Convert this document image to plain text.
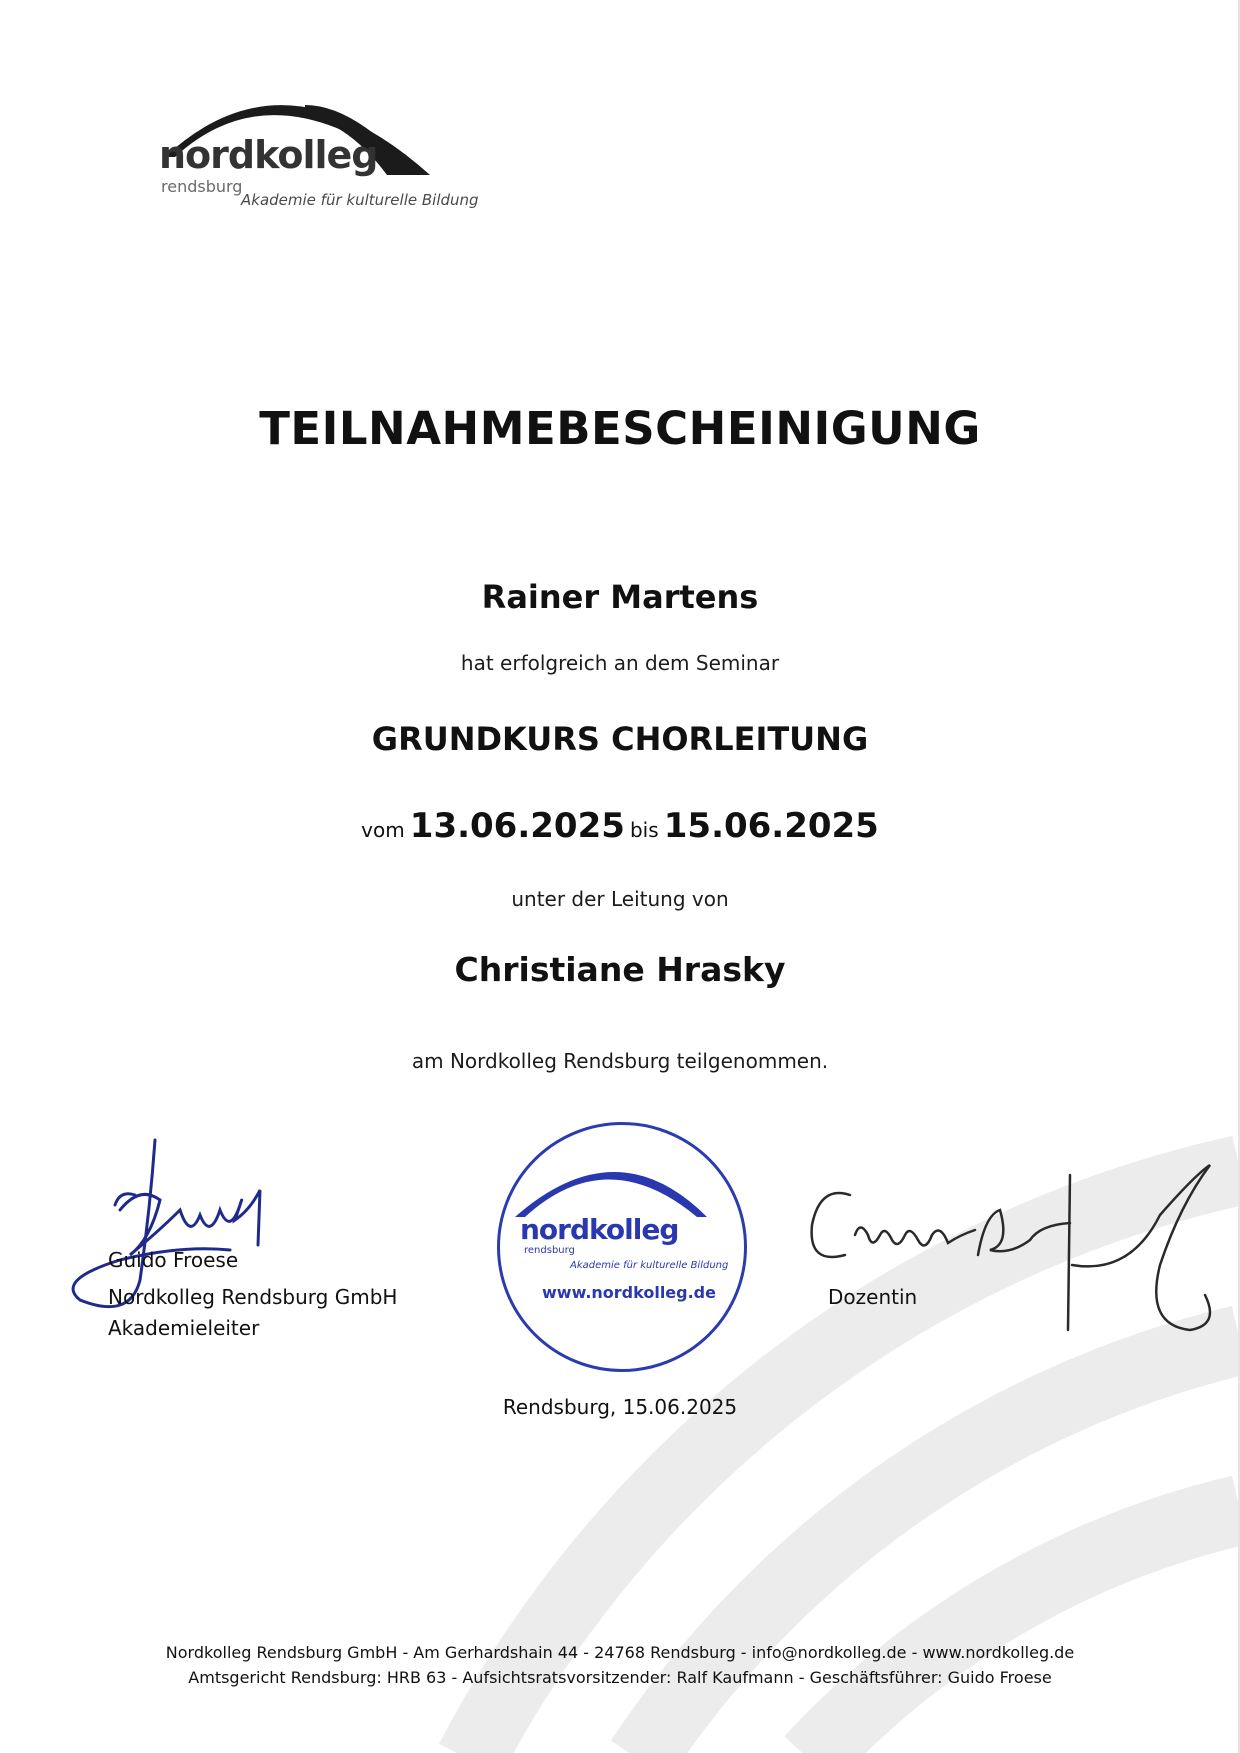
nordkolleg
rendsburg
Akademie für kulturelle Bildung
TEILNAHMEBESCHEINIGUNG
Rainer Martens
hat erfolgreich an dem Seminar
GRUNDKURS CHORLEITUNG
vom 13.06.2025 bis 15.06.2025
unter der Leitung von
Christiane Hrasky
am Nordkolleg Rendsburg teilgenommen.
Guido Froese
Nordkolleg Rendsburg GmbH
Akademieleiter
nordkolleg
rendsburg
Akademie für kulturelle Bildung
www.nordkolleg.de	Dozentin
Rendsburg, 15.06.2025
Nordkolleg Rendsburg GmbH - Am Gerhardshain 44 - 24768 Rendsburg - info@nordkolleg.de - www.nordkolleg.de
Amtsgericht Rendsburg: HRB 63 - Aufsichtsratsvorsitzender: Ralf Kaufmann - Geschäftsführer: Guido Froese
